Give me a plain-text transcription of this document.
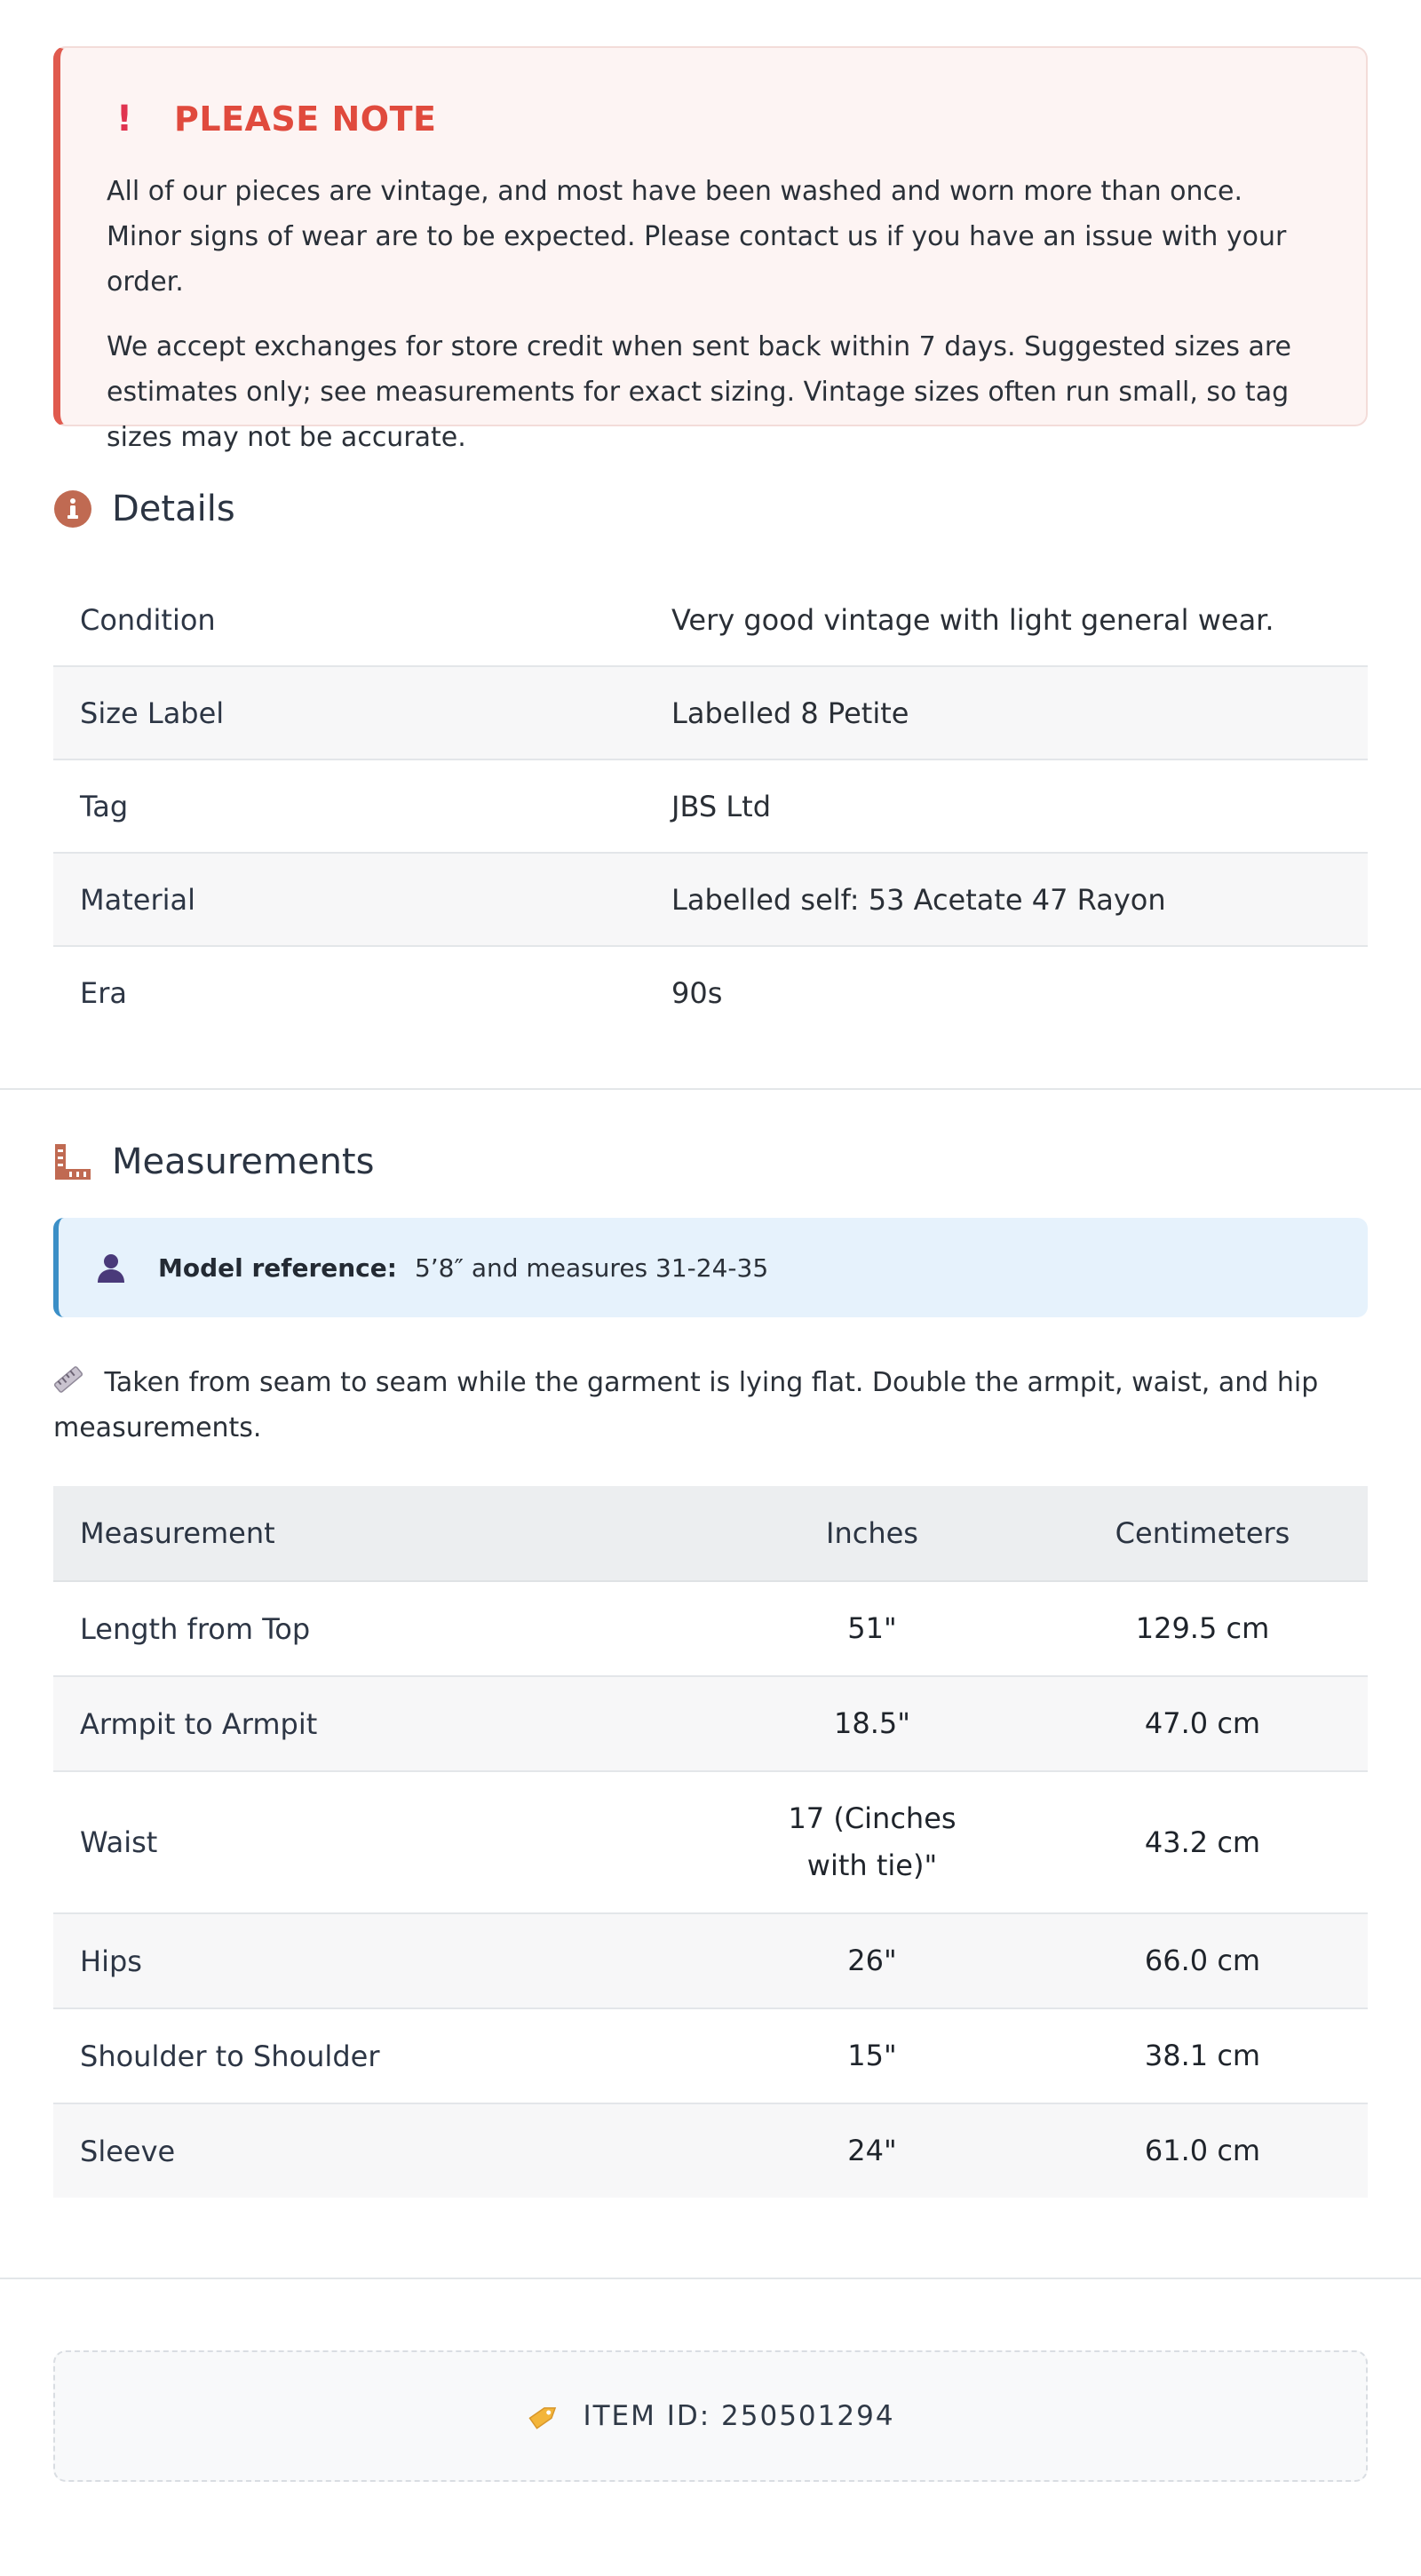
! PLEASE NOTE

All of our pieces are vintage, and most have been washed and worn more than once. Minor signs of wear are to be expected. Please contact us if you have an issue with your order.

We accept exchanges for store credit when sent back within 7 days. Suggested sizes are estimates only; see measurements for exact sizing. Vintage sizes often run small, so tag sizes may not be accurate.

Details
Condition	Very good vintage with light general wear.
Size Label	Labelled 8 Petite
Tag	JBS Ltd
Material	Labelled self: 53 Acetate 47 Rayon
Era	90s
Measurements
Model reference: 5’8″ and measures 31-24-35
Taken from seam to seam while the garment is lying flat. Double the armpit, waist, and hip measurements.
Measurement	Inches	Centimeters
Length from Top	51"	129.5 cm
Armpit to Armpit	18.5"	47.0 cm
Waist	17 (Cinches with tie)"	43.2 cm
Hips	26"	66.0 cm
Shoulder to Shoulder	15"	38.1 cm
Sleeve	24"	61.0 cm
ITEM ID: 250501294
